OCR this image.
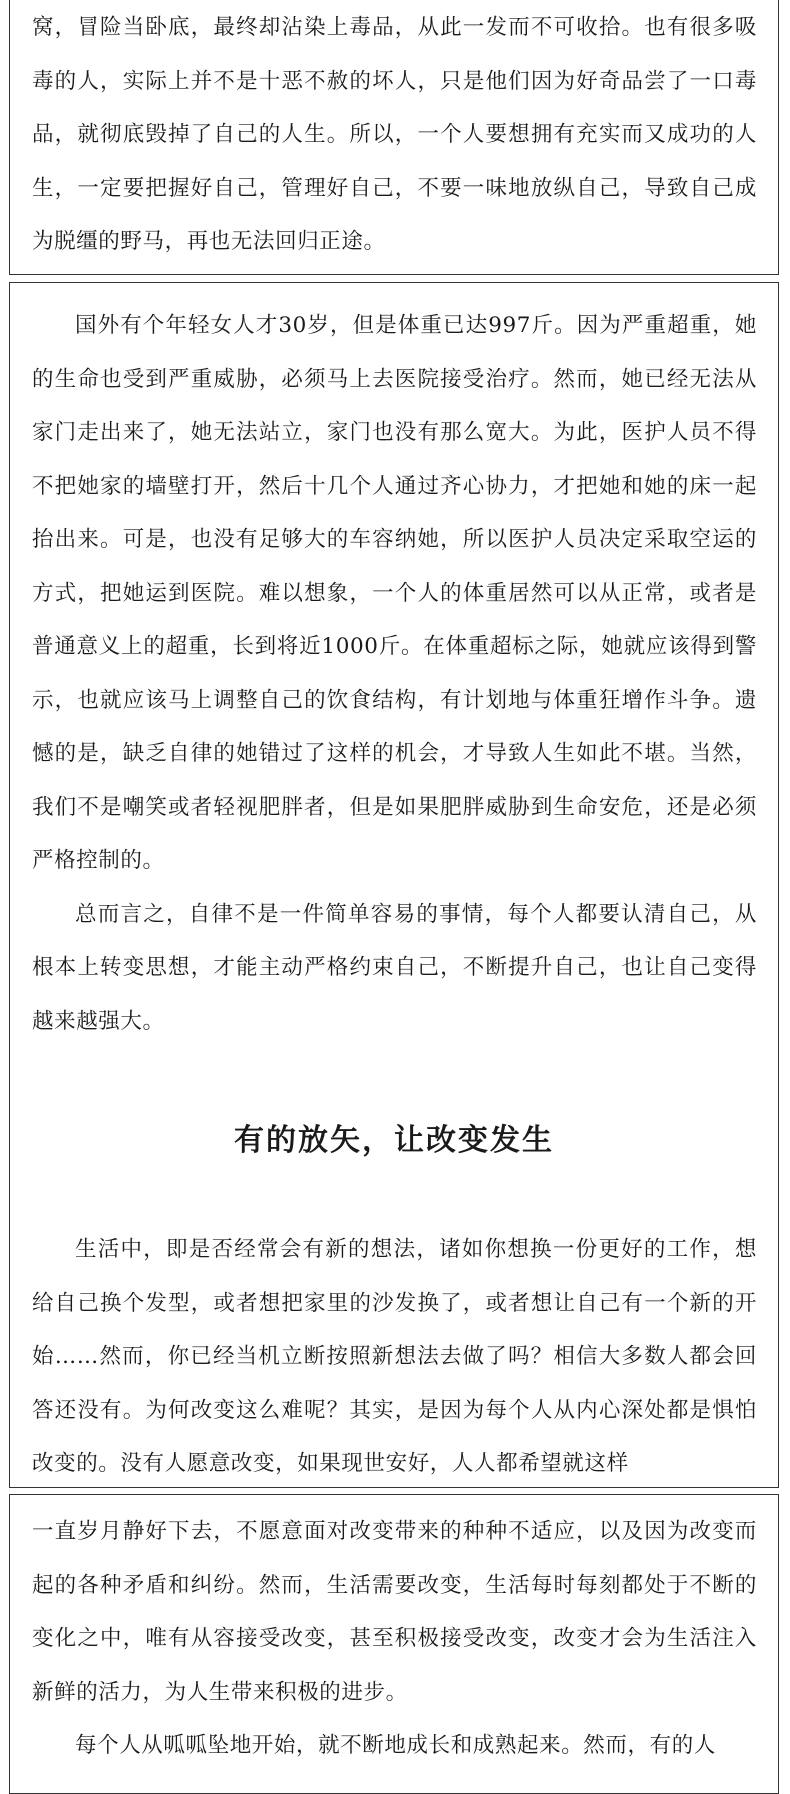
窝，冒险当卧底，最终却沾染上毒品，从此一发而不可收拾。也有很多吸毒的人，实际上并不是十恶不赦的坏人，只是他们因为好奇品尝了一口毒品，就彻底毁掉了自己的人生。所以，一个人要想拥有充实而又成功的人生，一定要把握好自己，管理好自己，不要一味地放纵自己，导致自己成为脱缰的野马，再也无法回归正途。

国外有个年轻女人才30岁，但是体重已达997斤。因为严重超重，她的生命也受到严重威胁，必须马上去医院接受治疗。然而，她已经无法从家门走出来了，她无法站立，家门也没有那么宽大。为此，医护人员不得不把她家的墙壁打开，然后十几个人通过齐心协力，才把她和她的床一起抬出来。可是，也没有足够大的车容纳她，所以医护人员决定采取空运的方式，把她运到医院。难以想象，一个人的体重居然可以从正常，或者是普通意义上的超重，长到将近1000斤。在体重超标之际，她就应该得到警示，也就应该马上调整自己的饮食结构，有计划地与体重狂增作斗争。遗憾的是，缺乏自律的她错过了这样的机会，才导致人生如此不堪。当然，我们不是嘲笑或者轻视肥胖者，但是如果肥胖威胁到生命安危，还是必须严格控制的。

总而言之，自律不是一件简单容易的事情，每个人都要认清自己，从根本上转变思想，才能主动严格约束自己，不断提升自己，也让自己变得越来越强大。

有的放矢，让改变发生

生活中，即是否经常会有新的想法，诸如你想换一份更好的工作，想给自己换个发型，或者想把家里的沙发换了，或者想让自己有一个新的开始……然而，你已经当机立断按照新想法去做了吗？相信大多数人都会回答还没有。为何改变这么难呢？其实，是因为每个人从内心深处都是惧怕改变的。没有人愿意改变，如果现世安好，人人都希望就这样

一直岁月静好下去，不愿意面对改变带来的种种不适应，以及因为改变而起的各种矛盾和纠纷。然而，生活需要改变，生活每时每刻都处于不断的变化之中，唯有从容接受改变，甚至积极接受改变，改变才会为生活注入新鲜的活力，为人生带来积极的进步。

每个人从呱呱坠地开始，就不断地成长和成熟起来。然而，有的人
